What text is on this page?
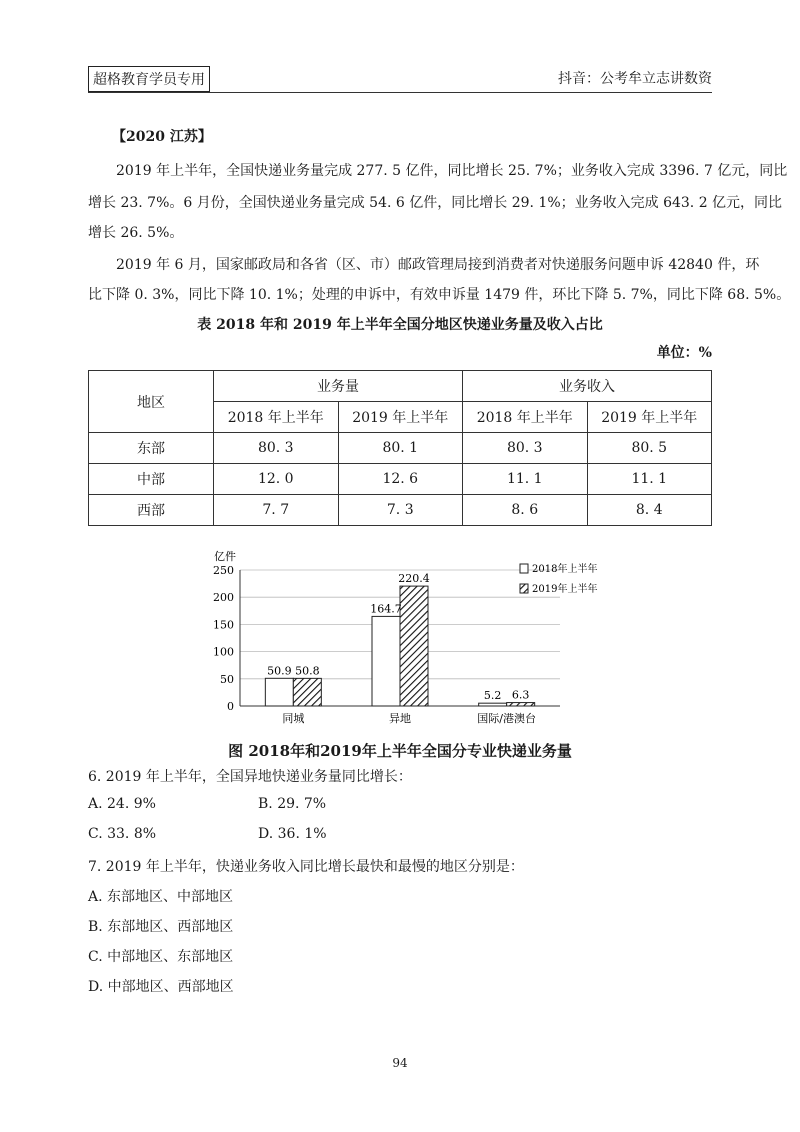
超格教育学员专用	抖音：公考牟立志讲数资
【2020 江苏】
2019 年上半年，全国快递业务量完成 277. 5 亿件，同比增长 25. 7%；业务收入完成 3396. 7 亿元，同比
增长 23. 7%。6 月份，全国快递业务量完成 54. 6 亿件，同比增长 29. 1%；业务收入完成 643. 2 亿元，同比
增长 26. 5%。
2019 年 6 月，国家邮政局和各省（区、市）邮政管理局接到消费者对快递服务问题申诉 42840 件，环
比下降 0. 3%，同比下降 10. 1%；处理的申诉中，有效申诉量 1479 件，环比下降 5. 7%，同比下降 68. 5%。
表 2018 年和 2019 年上半年全国分地区快递业务量及收入占比
单位：%
地区	业务量		业务收入	
	2018 年上半年	2019 年上半年	2018 年上半年	2019 年上半年
东部	80. 3	80. 1	80. 3	80. 5
中部	12. 0	12. 6	11. 1	11. 1
西部	7. 7	7. 3	8. 6	8. 4
亿件
0
50
100
150
200
250
50.9 50.8
同城
164.7
220.4
异地
5.2 6.3
国际/港澳台
2018年上半年
2019年上半年
图 2018年和2019年上半年全国分专业快递业务量
6. 2019 年上半年，全国异地快递业务量同比增长：
A. 24. 9%	B. 29. 7%
C. 33. 8%	D. 36. 1%
7. 2019 年上半年，快递业务收入同比增长最快和最慢的地区分别是：
A. 东部地区、中部地区
B. 东部地区、西部地区
C. 中部地区、东部地区
D. 中部地区、西部地区
94
